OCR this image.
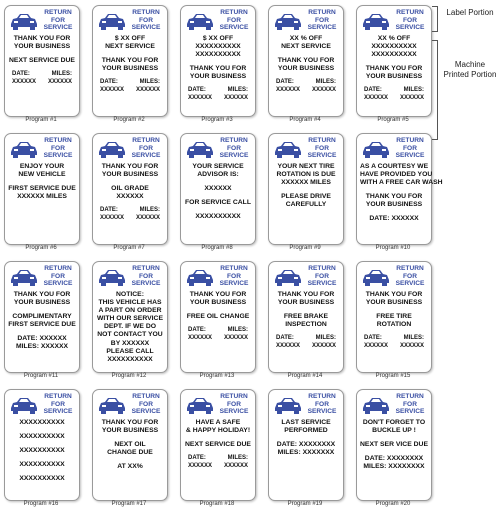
RETURN
FOR
SERVICE
THANK YOU FOR
YOUR BUSINESS
NEXT SERVICE DUE
DATE:	MILES:
XXXXXX XXXXXX
Program #1
RETURN
FOR
SERVICE
$ XX OFF
NEXT SERVICE
THANK YOU FOR
YOUR BUSINESS
DATE:	MILES:
XXXXXX XXXXXX
Program #2
RETURN
FOR
SERVICE
$ XX OFF
XXXXXXXXXX
XXXXXXXXXX
THANK YOU FOR
YOUR BUSINESS
DATE:	MILES:
XXXXXX XXXXXX
Program #3
RETURN
FOR
SERVICE
XX % OFF
NEXT SERVICE
THANK YOU FOR
YOUR BUSINESS
DATE:	MILES:
XXXXXX XXXXXX
Program #4
RETURN
FOR
SERVICE
XX % OFF
XXXXXXXXXX
XXXXXXXXXX
THANK YOU FOR
YOUR BUSINESS
DATE:	MILES:
XXXXXX XXXXXX
Program #5
RETURN
FOR
SERVICE
ENJOY YOUR
NEW VEHICLE
FIRST SERVICE DUE
XXXXXX MILES
Program #6
RETURN
FOR
SERVICE
THANK YOU FOR
YOUR BUSINESS
OIL GRADE
XXXXXX
DATE:	MILES:
XXXXXX XXXXXX
Program #7
RETURN
FOR
SERVICE
YOUR SERVICE
ADVISOR IS:
XXXXXX
FOR SERVICE CALL
XXXXXXXXXX
Program #8
RETURN
FOR
SERVICE
YOUR NEXT TIRE
ROTATION IS DUE
XXXXXX MILES
PLEASE DRIVE
CAREFULLY
Program #9
RETURN
FOR
SERVICE
AS A COURTESY WE
HAVE PROVIDED YOU
WITH A FREE CAR WASH
THANK YOU FOR
YOUR BUSINESS
DATE: XXXXXX
Program #10
RETURN
FOR
SERVICE
THANK YOU FOR
YOUR BUSINESS
COMPLIMENTARY
FIRST SERVICE DUE
DATE: XXXXXX
MILES: XXXXXX
Program #11
RETURN
FOR
SERVICE
NOTICE:
THIS VEHICLE HAS
A PART ON ORDER
WITH OUR SERVICE
DEPT. IF WE DO
NOT CONTACT YOU
BY XXXXXX
PLEASE CALL
XXXXXXXXXX
Program #12
RETURN
FOR
SERVICE
THANK YOU FOR
YOUR BUSINESS
FREE OIL CHANGE
DATE:	MILES:
XXXXXX XXXXXX
Program #13
RETURN
FOR
SERVICE
THANK YOU FOR
YOUR BUSINESS
FREE BRAKE
INSPECTION
DATE:	MILES:
XXXXXX XXXXXX
Program #14
RETURN
FOR
SERVICE
THANK YOU FOR
YOUR BUSINESS
FREE TIRE
ROTATION
DATE:	MILES:
XXXXXX XXXXXX
Program #15
RETURN
FOR
SERVICE
XXXXXXXXXX
XXXXXXXXXX
XXXXXXXXXX
XXXXXXXXXX
XXXXXXXXXX
Program #16
RETURN
FOR
SERVICE
THANK YOU FOR
YOUR BUSINESS
NEXT OIL
CHANGE DUE
AT XX%
Program #17
RETURN
FOR
SERVICE
HAVE A SAFE
& HAPPY HOLIDAY!
NEXT SERVICE DUE
DATE:	MILES:
XXXXXX XXXXXX
Program #18
RETURN
FOR
SERVICE
LAST SERVICE
PERFORMED
DATE: XXXXXXXX
MILES: XXXXXXX
Program #19
RETURN
FOR
SERVICE
DON'T FORGET TO
BUCKLE UP !
NEXT SER VICE DUE
DATE: XXXXXXXX
MILES: XXXXXXXX
Program #20
Label Portion
Machine Printed Portion
